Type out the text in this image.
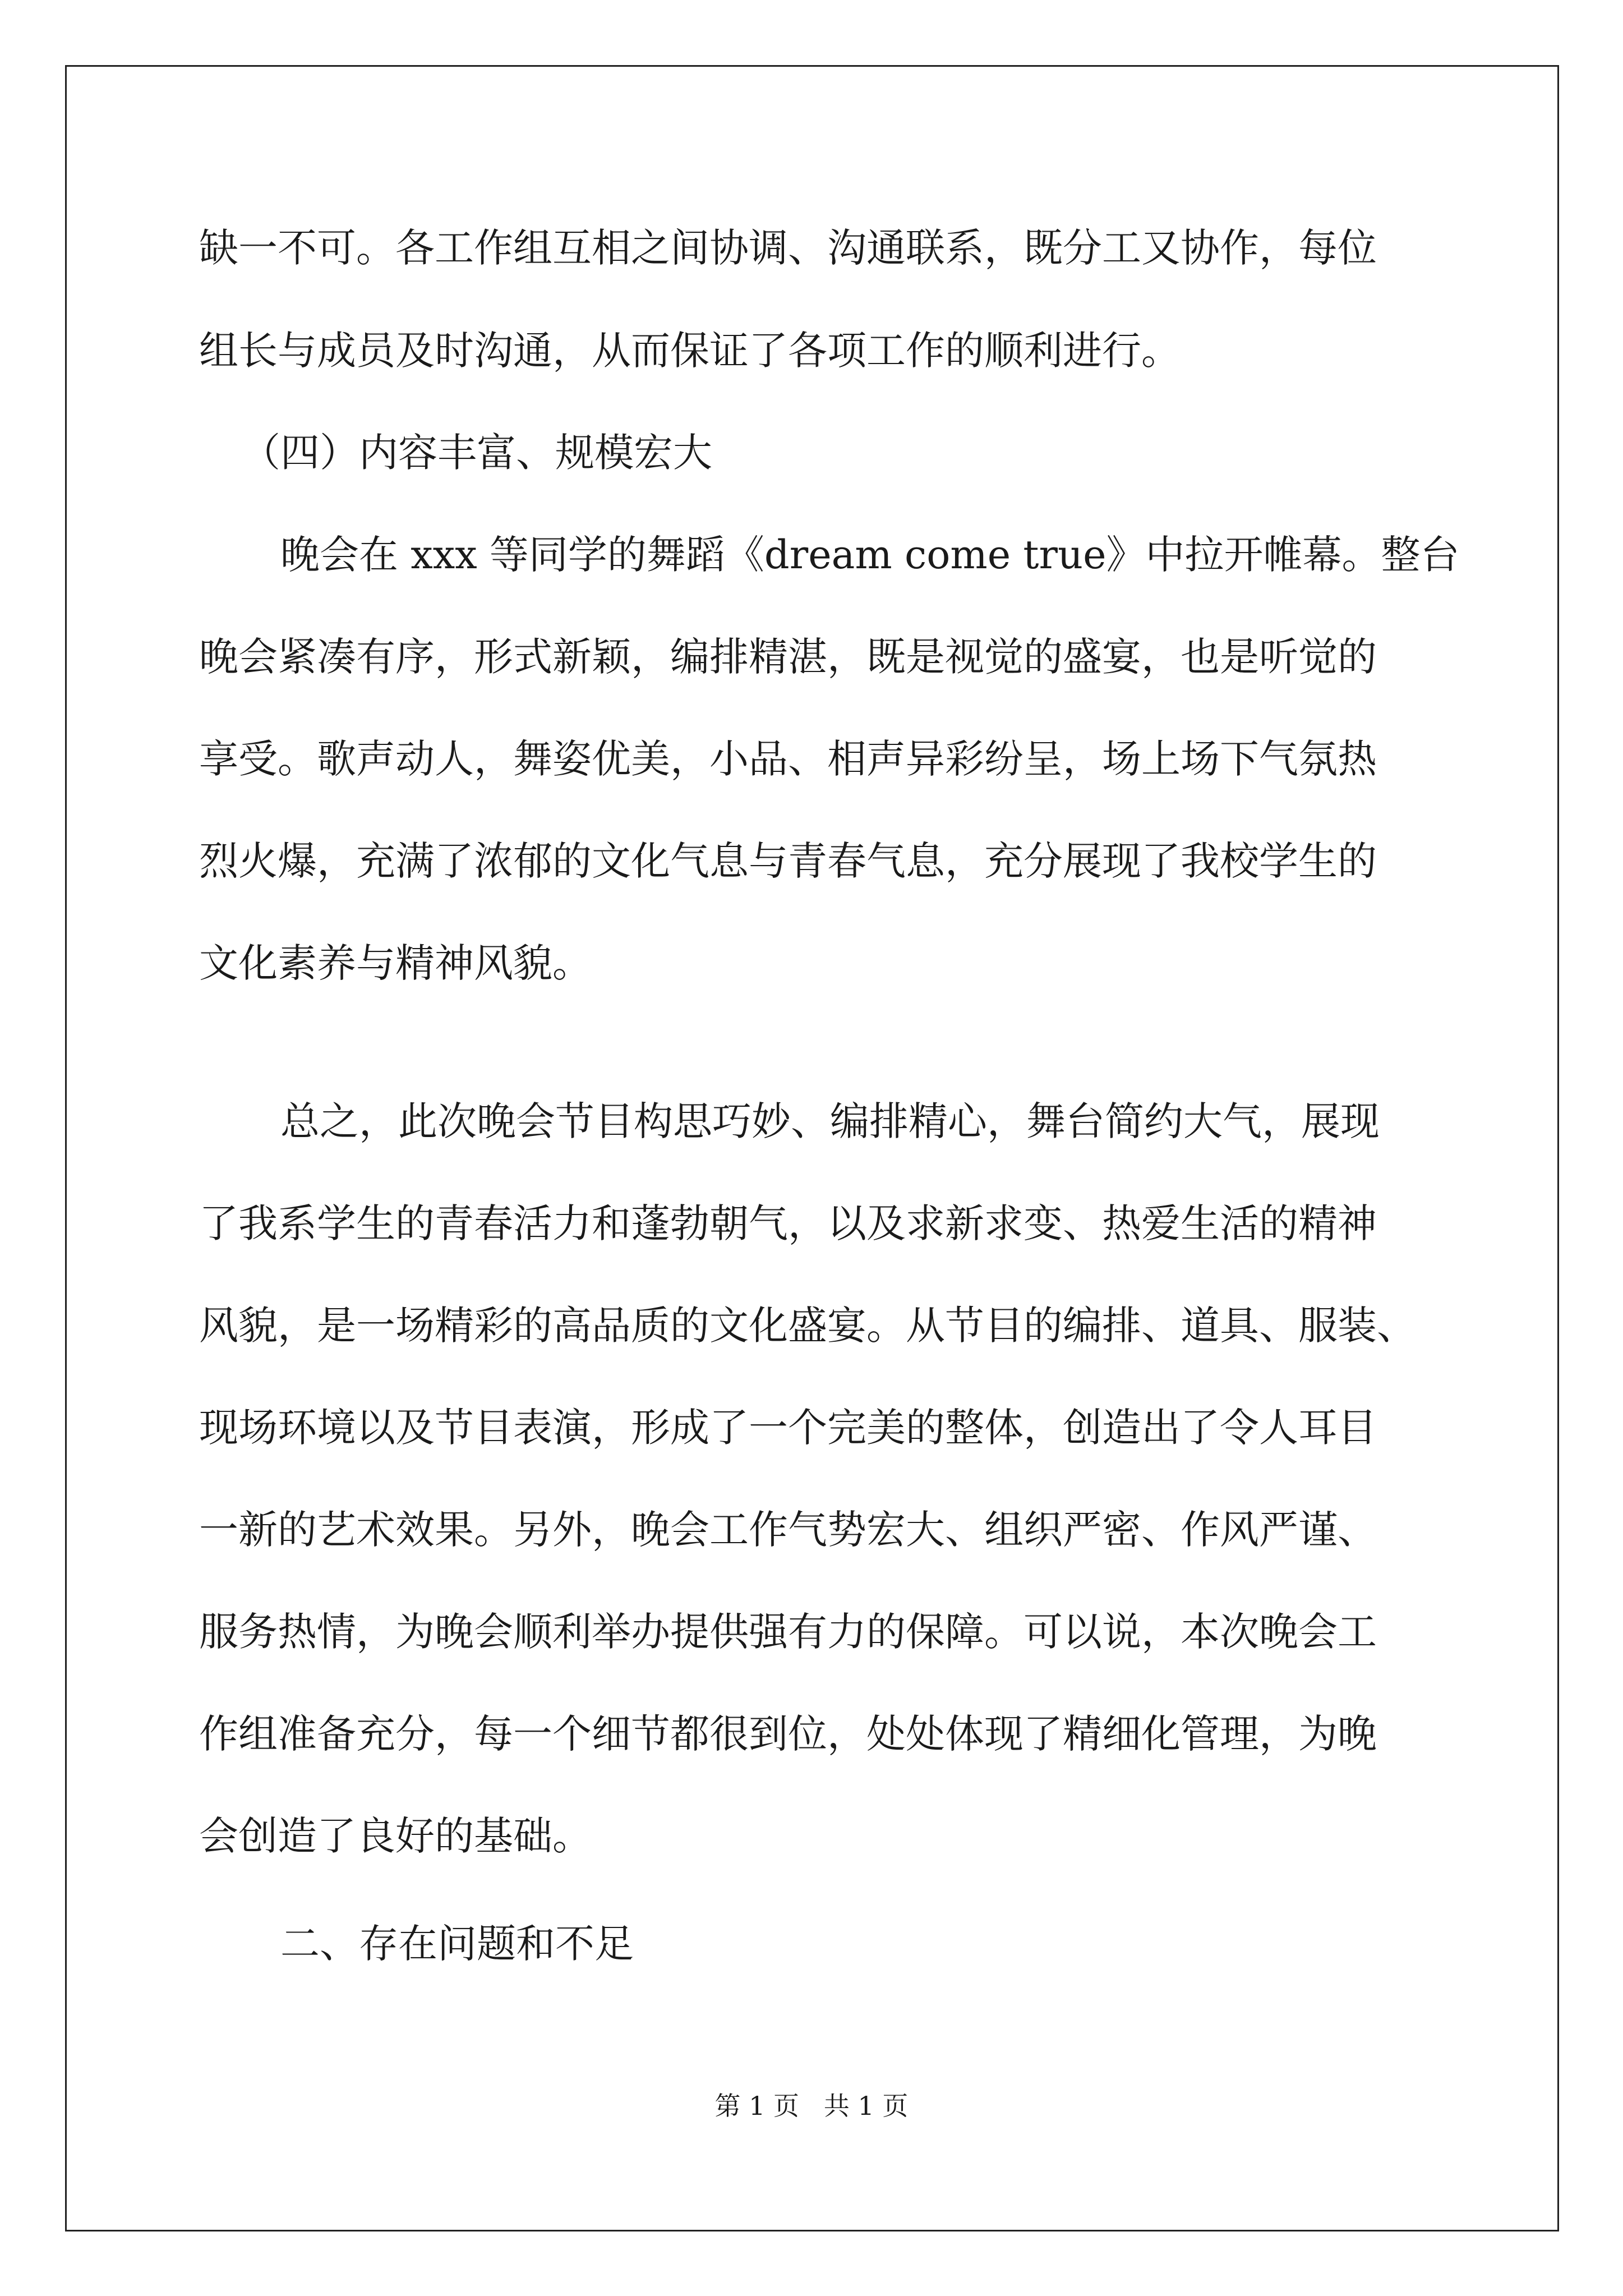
缺一不可。各工作组互相之间协调、沟通联系，既分工又协作，每位
组长与成员及时沟通，从而保证了各项工作的顺利进行。
（四）内容丰富、规模宏大
晚会在 xxx 等同学的舞蹈《dream come true》中拉开帷幕。整台
晚会紧凑有序，形式新颖，编排精湛，既是视觉的盛宴，也是听觉的
享受。歌声动人，舞姿优美，小品、相声异彩纷呈，场上场下气氛热
烈火爆，充满了浓郁的文化气息与青春气息，充分展现了我校学生的
文化素养与精神风貌。
总之，此次晚会节目构思巧妙、编排精心，舞台简约大气，展现
了我系学生的青春活力和蓬勃朝气，以及求新求变、热爱生活的精神
风貌，是一场精彩的高品质的文化盛宴。从节目的编排、道具、服装、
现场环境以及节目表演，形成了一个完美的整体，创造出了令人耳目
一新的艺术效果。另外，晚会工作气势宏大、组织严密、作风严谨、
服务热情，为晚会顺利举办提供强有力的保障。可以说，本次晚会工
作组准备充分，每一个细节都很到位，处处体现了精细化管理，为晚
会创造了良好的基础。
二、存在问题和不足
第 1 页   共 1 页
